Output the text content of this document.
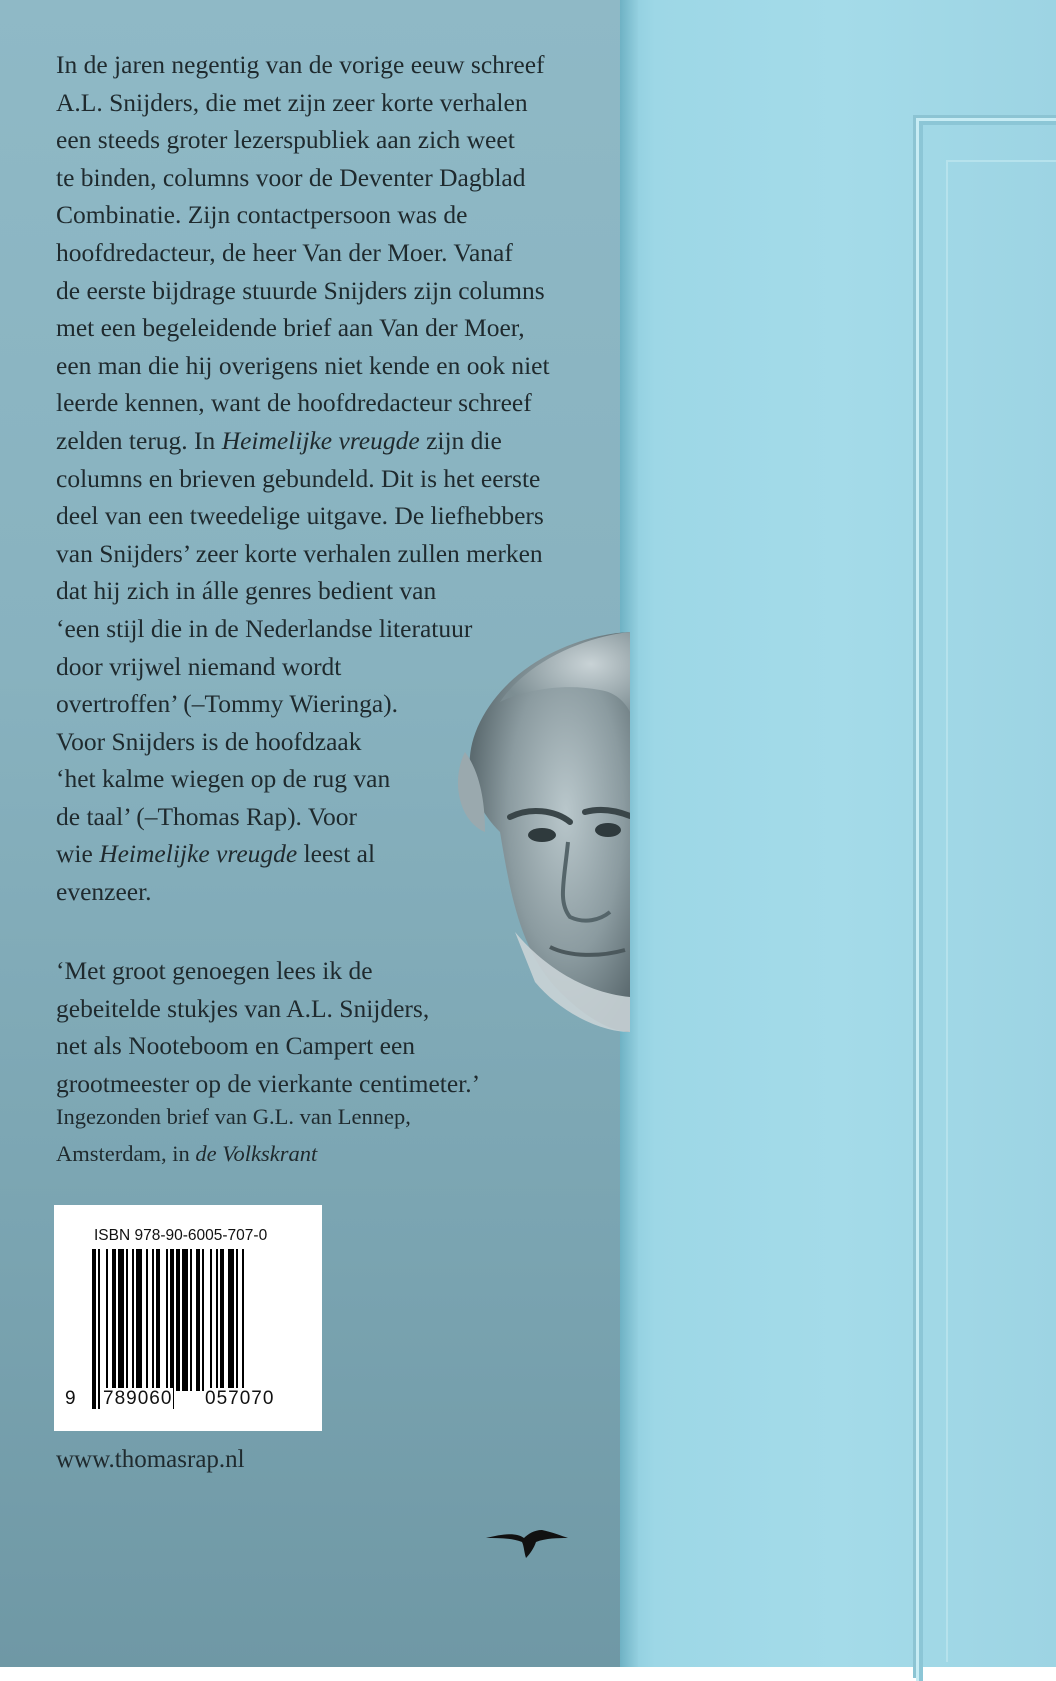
In de jaren negentig van de vorige eeuw schreef
A.L. Snijders, die met zijn zeer korte verhalen
een steeds groter lezerspubliek aan zich weet
te binden, columns voor de Deventer Dagblad
Combinatie. Zijn contactpersoon was de
hoofdredacteur, de heer Van der Moer. Vanaf
de eerste bijdrage stuurde Snijders zijn columns
met een begeleidende brief aan Van der Moer,
een man die hij overigens niet kende en ook niet
leerde kennen, want de hoofdredacteur schreef
zelden terug. In Heimelijke vreugde zijn die
columns en brieven gebundeld. Dit is het eerste
deel van een tweedelige uitgave. De liefhebbers
van Snijders’ zeer korte verhalen zullen merken
dat hij zich in álle genres bedient van
‘een stijl die in de Nederlandse literatuur
door vrijwel niemand wordt
overtroffen’ (–Tommy Wieringa).
Voor Snijders is de hoofdzaak
‘het kalme wiegen op de rug van
de taal’ (–Thomas Rap). Voor
wie Heimelijke vreugde leest al
evenzeer.
‘Met groot genoegen lees ik de
gebeitelde stukjes van A.L. Snijders,
net als Nooteboom en Campert een
grootmeester op de vierkante centimeter.’
Ingezonden brief van G.L. van Lennep,
Amsterdam, in de Volkskrant
ISBN 978-90-6005-707-0
9 789060 057070
www.thomasrap.nl
